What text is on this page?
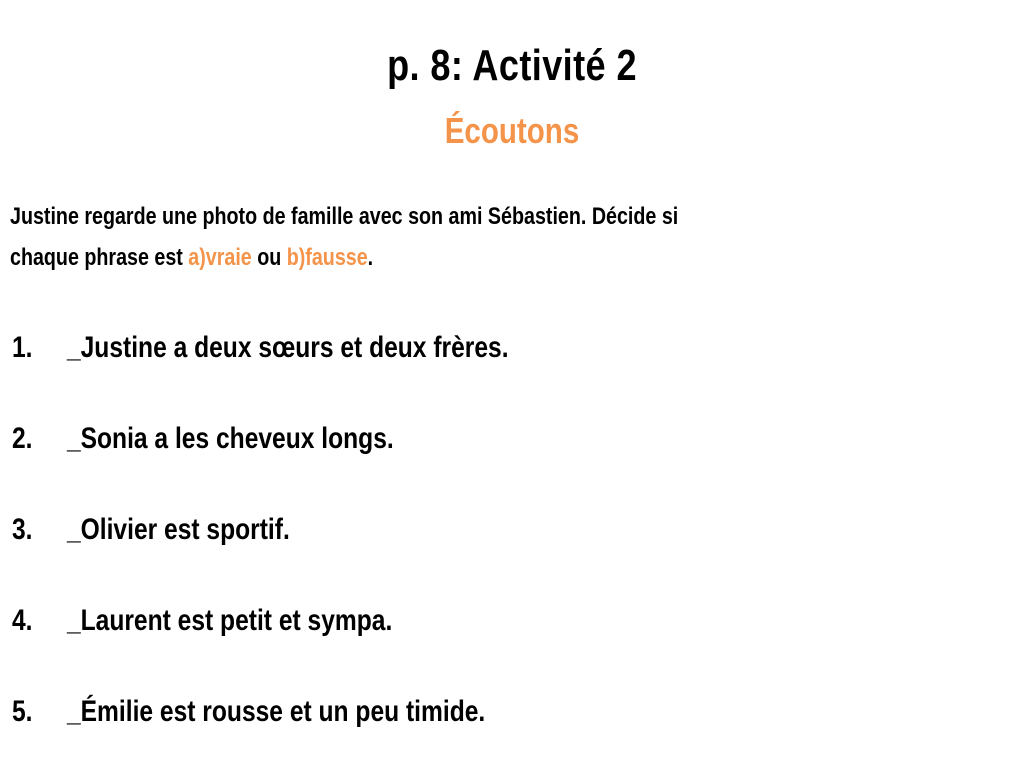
p. 8: Activité 2
Écoutons
Justine regarde une photo de famille avec son ami Sébastien. Décide si
chaque phrase est a)vraie ou b)fausse.
1.	_Justine a deux sœurs et deux frères.
2.	_Sonia a les cheveux longs.
3.	_Olivier est sportif.
4.	_Laurent est petit et sympa.
5.	_Émilie est rousse et un peu timide.
